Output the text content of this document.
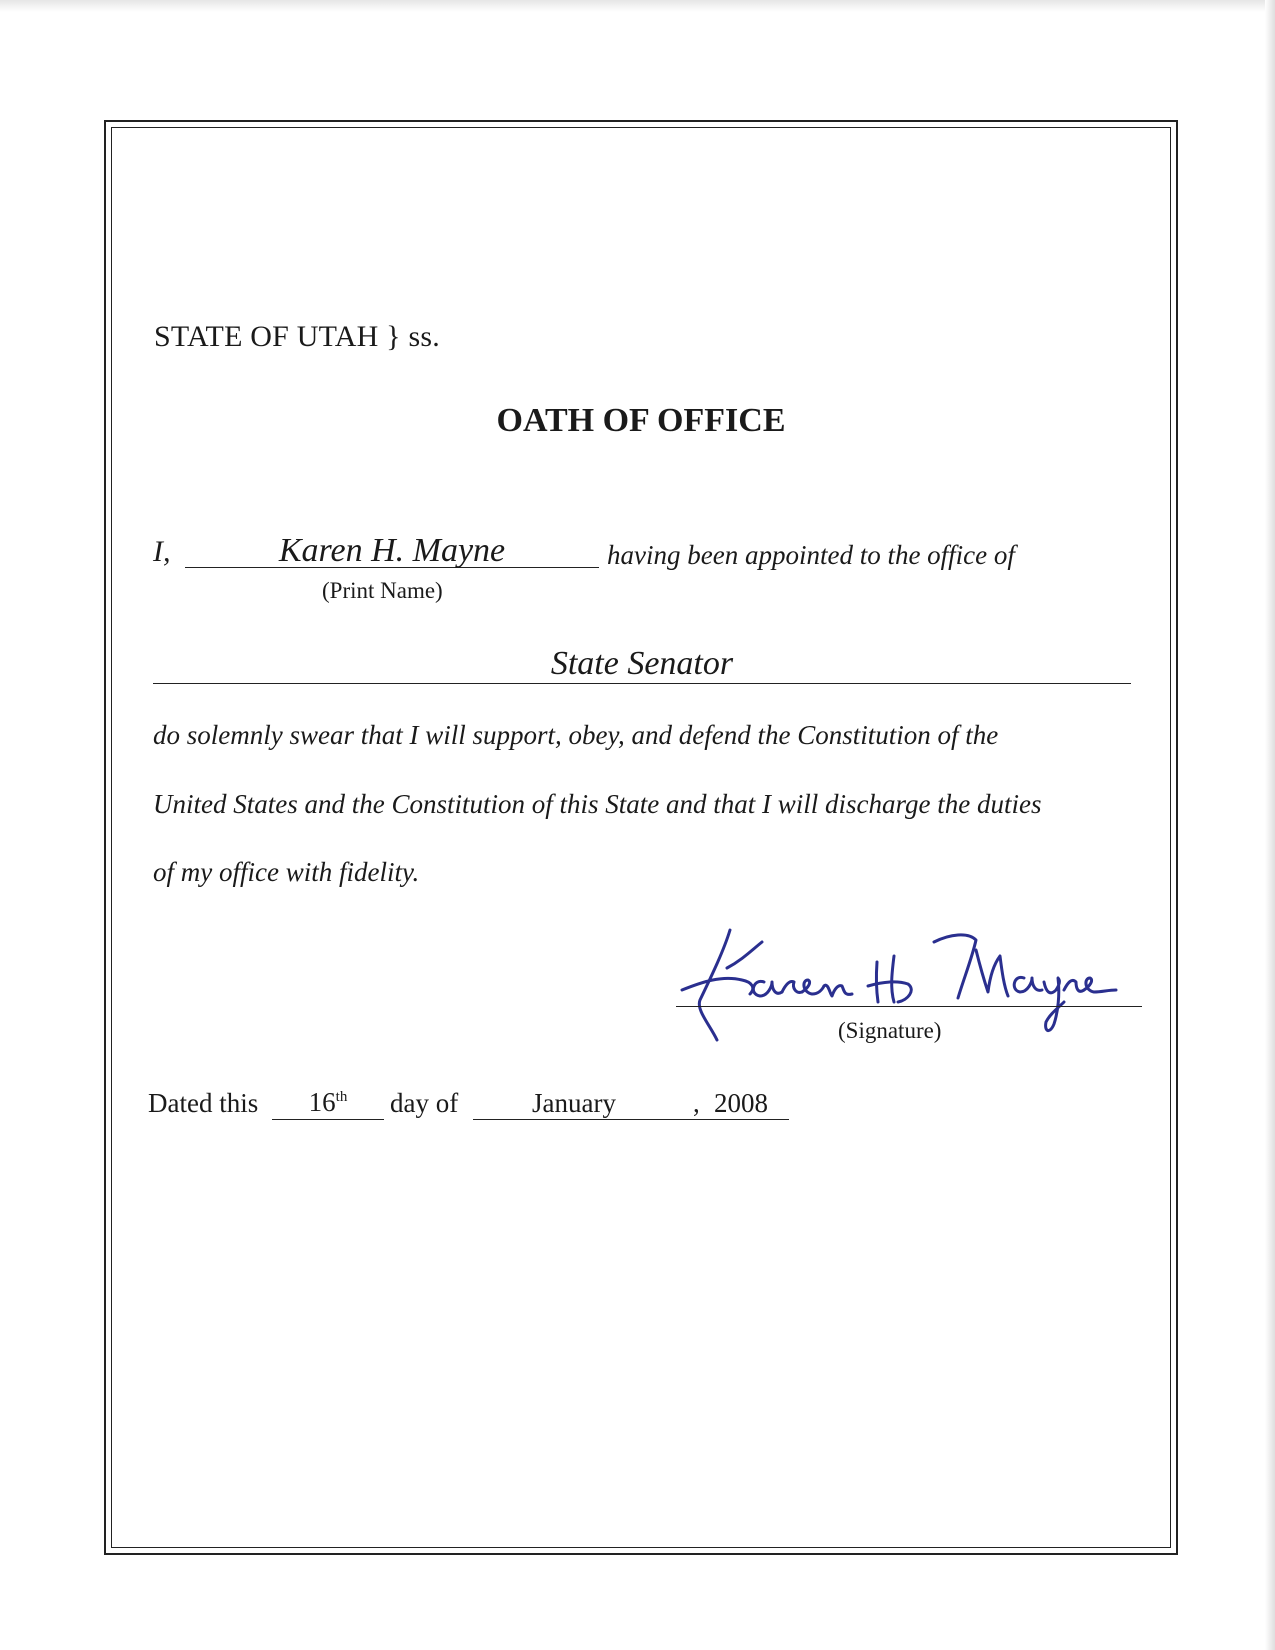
STATE OF UTAH } ss.
OATH OF OFFICE
I,	Karen H. Mayne	having been appointed to the office of
(Print Name)
State Senator
do solemnly swear that I will support, obey, and defend the Constitution of the
United States and the Constitution of this State and that I will discharge the duties
of my office with fidelity.
(Signature)
Dated this	16th	day of	January	, 2008
